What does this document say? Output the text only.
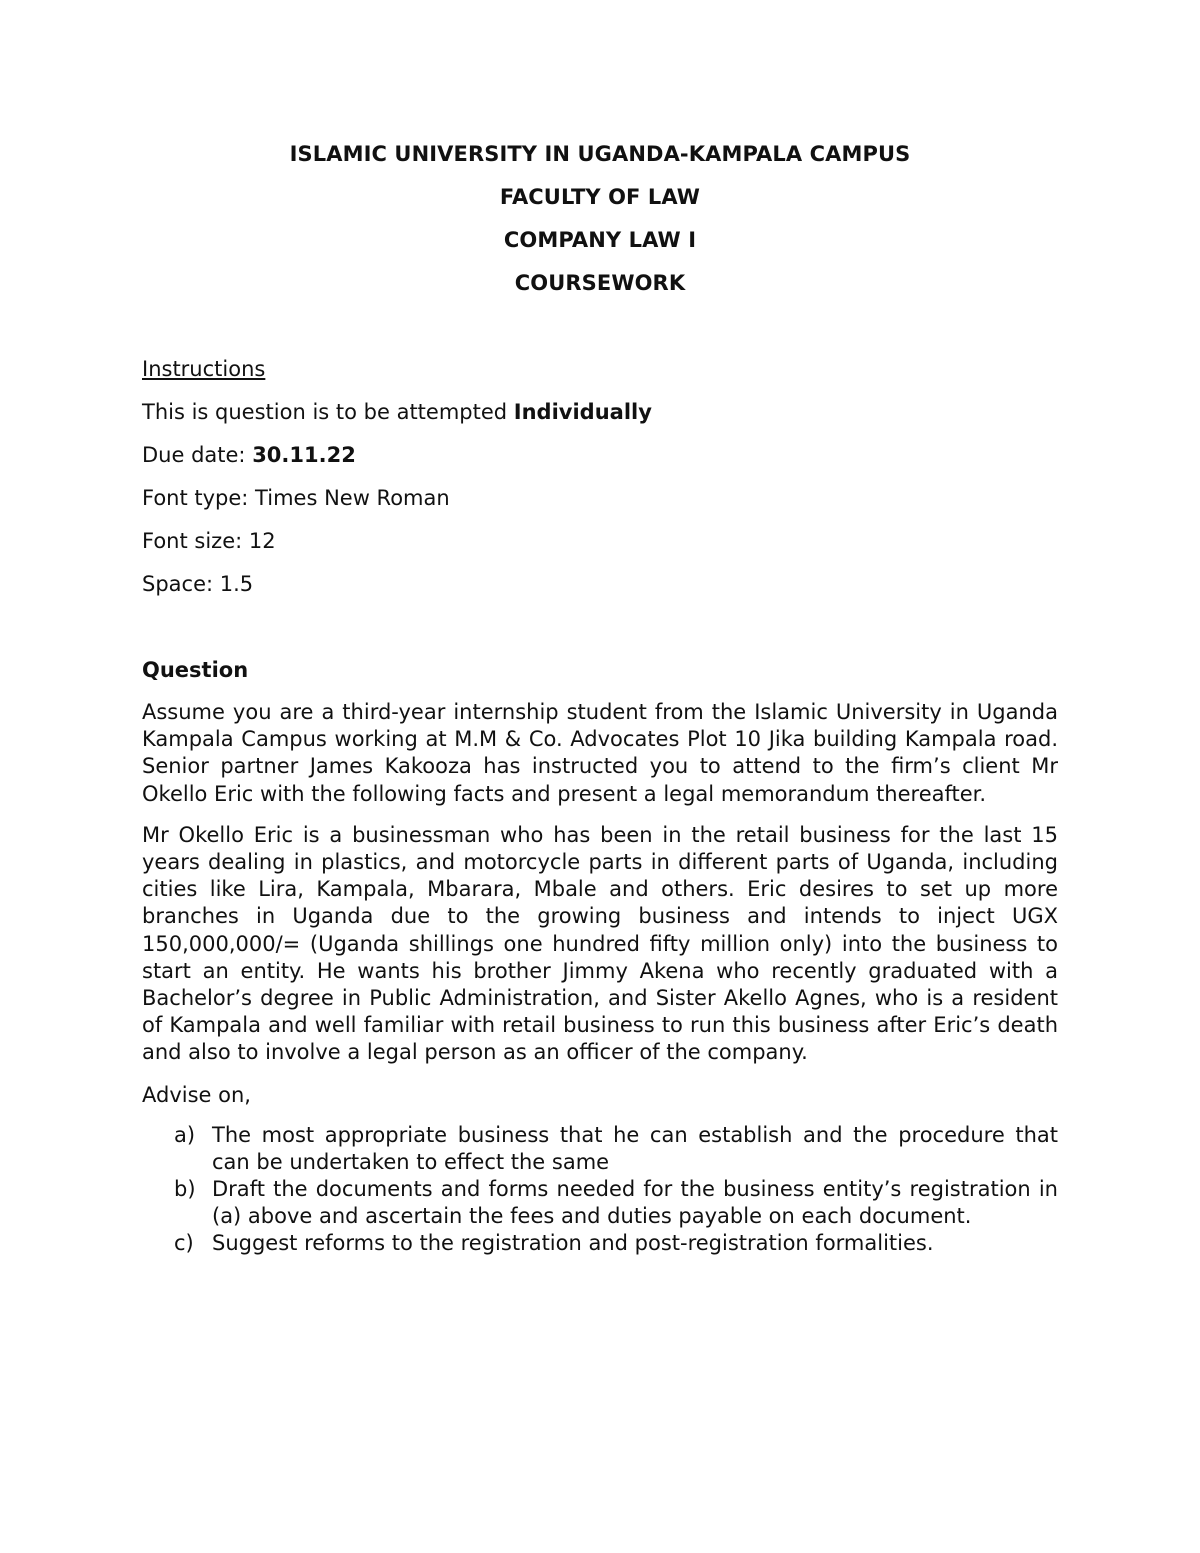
ISLAMIC UNIVERSITY IN UGANDA-KAMPALA CAMPUS
FACULTY OF LAW
COMPANY LAW I
COURSEWORK
Instructions
This is question is to be attempted Individually
Due date: 30.11.22
Font type: Times New Roman
Font size: 12
Space: 1.5
Question

Assume you are a third-year internship student from the Islamic University in Uganda Kampala Campus working at M.M & Co. Advocates Plot 10 Jika building Kampala road. Senior partner James Kakooza has instructed you to attend to the firm’s client Mr Okello Eric with the following facts and present a legal memorandum thereafter.

Mr Okello Eric is a businessman who has been in the retail business for the last 15 years dealing in plastics, and motorcycle parts in different parts of Uganda, including cities like Lira, Kampala, Mbarara, Mbale and others. Eric desires to set up more branches in Uganda due to the growing business and intends to inject UGX 150,000,000/= (Uganda shillings one hundred fifty million only) into the business to start an entity. He wants his brother Jimmy Akena who recently graduated with a Bachelor’s degree in Public Administration, and Sister Akello Agnes, who is a resident of Kampala and well familiar with retail business to run this business after Eric’s death and also to involve a legal person as an officer of the company.

Advise on,
a) The most appropriate business that he can establish and the procedure that can be undertaken to effect the same
b) Draft the documents and forms needed for the business entity’s registration in (a) above and ascertain the fees and duties payable on each document.
c) Suggest reforms to the registration and post-registration formalities.
